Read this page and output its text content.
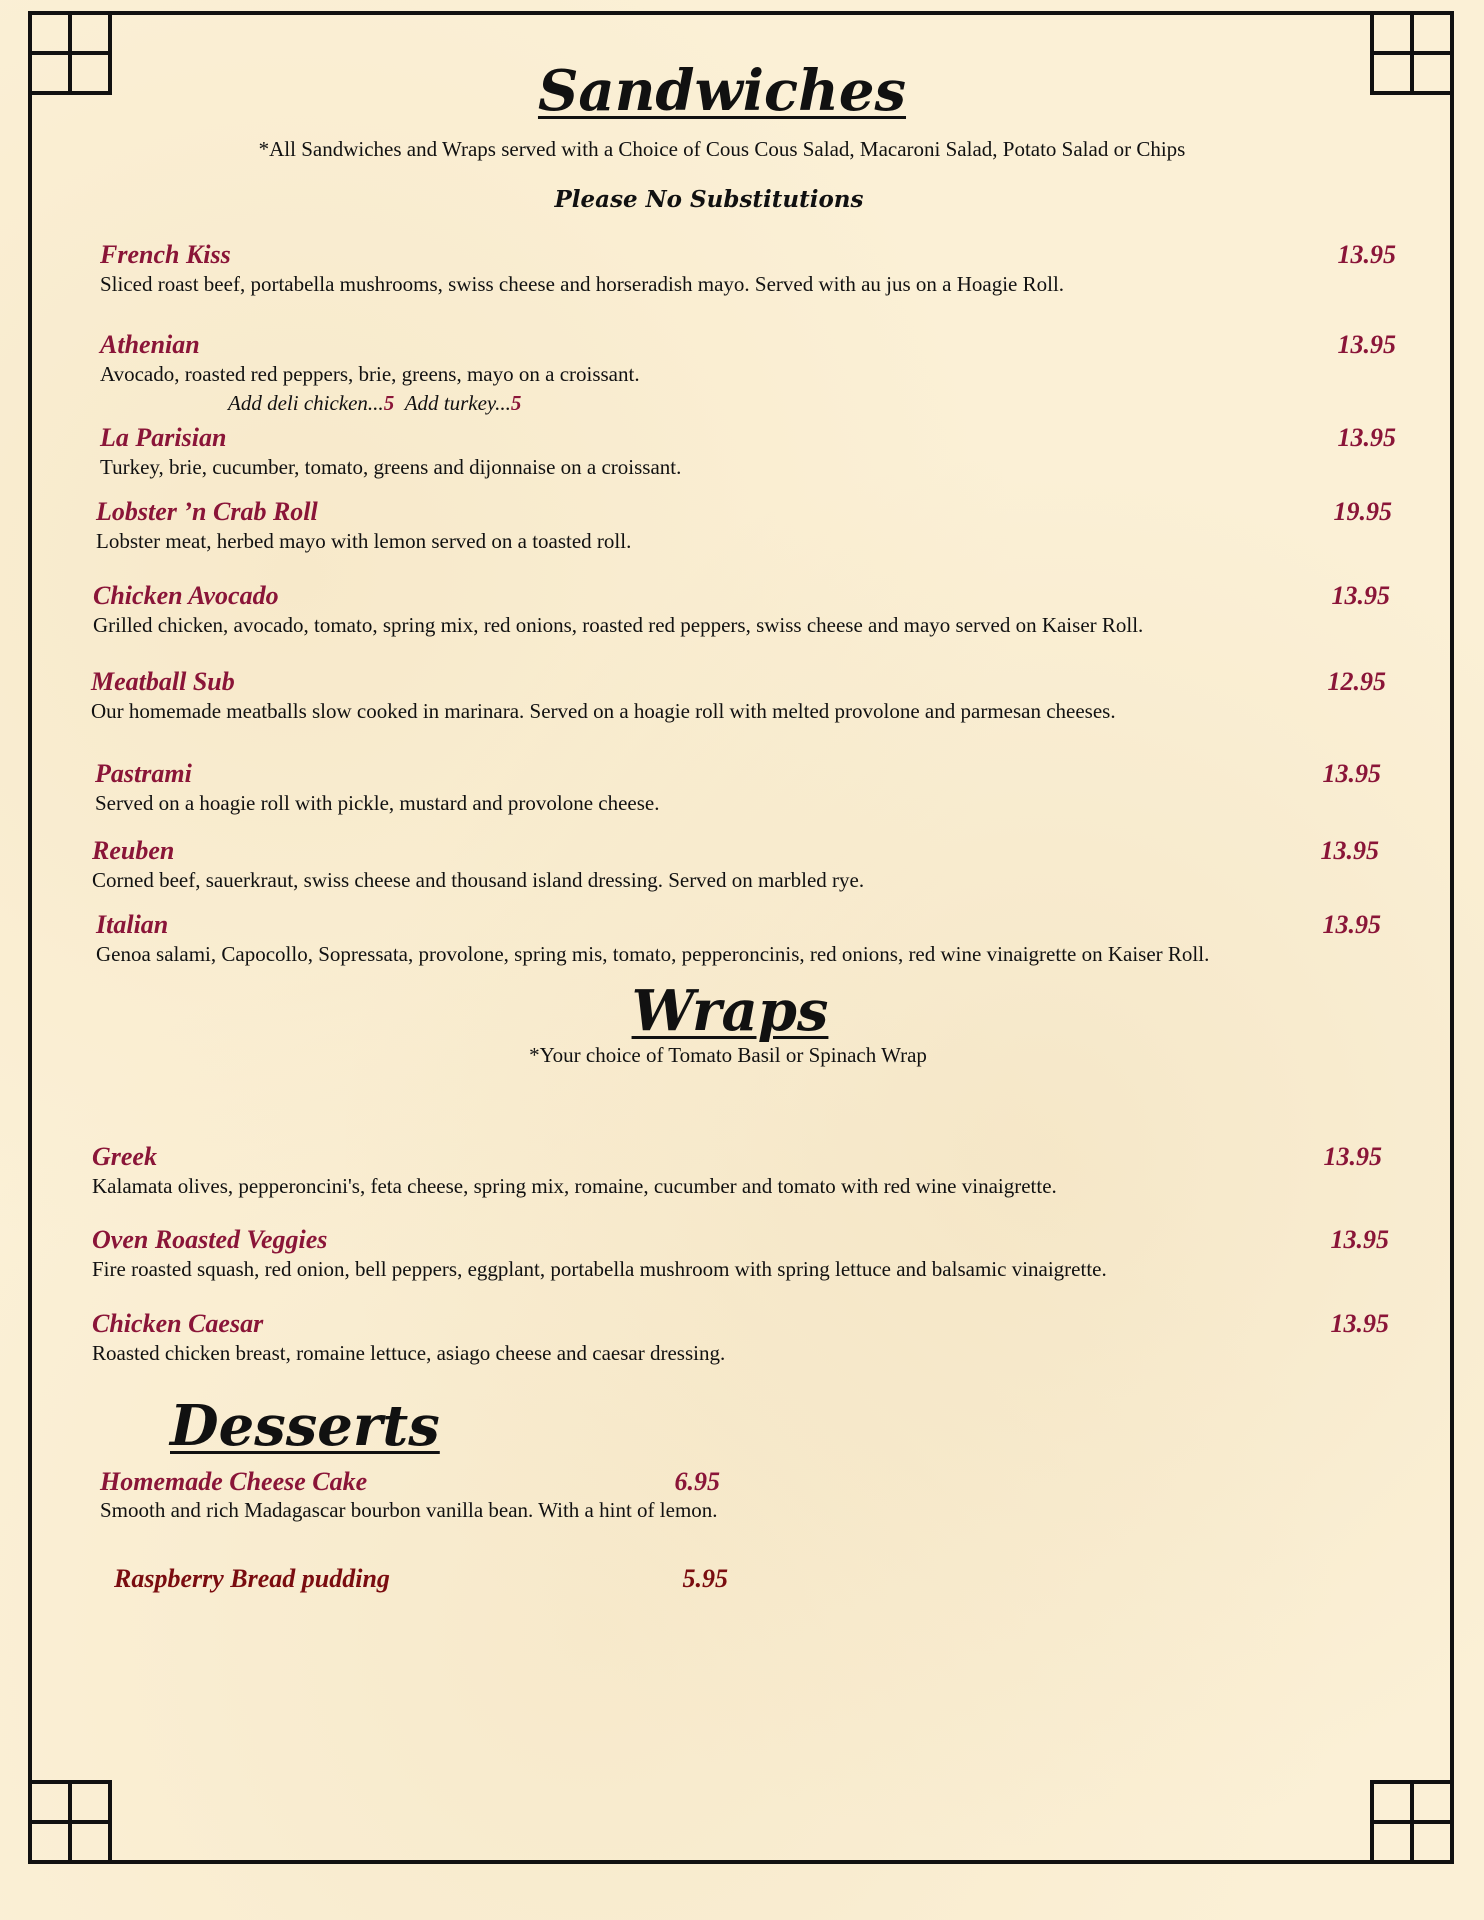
Sandwiches
*All Sandwiches and Wraps served with a Choice of Cous Cous Salad, Macaroni Salad, Potato Salad or Chips
Please No Substitutions
French Kiss	13.95
Sliced roast beef, portabella mushrooms, swiss cheese and horseradish mayo. Served with au jus on a Hoagie Roll.
Athenian	13.95
Avocado, roasted red peppers, brie, greens, mayo on a croissant.
Add deli chicken...5 Add turkey...5
La Parisian	13.95
Turkey, brie, cucumber, tomato, greens and dijonnaise on a croissant.
Lobster ’n Crab Roll	19.95
Lobster meat, herbed mayo with lemon served on a toasted roll.
Chicken Avocado	13.95
Grilled chicken, avocado, tomato, spring mix, red onions, roasted red peppers, swiss cheese and mayo served on Kaiser Roll.
Meatball Sub	12.95
Our homemade meatballs slow cooked in marinara. Served on a hoagie roll with melted provolone and parmesan cheeses.
Pastrami	13.95
Served on a hoagie roll with pickle, mustard and provolone cheese.
Reuben	13.95
Corned beef, sauerkraut, swiss cheese and thousand island dressing. Served on marbled rye.
Italian	13.95
Genoa salami, Capocollo, Sopressata, provolone, spring mis, tomato, pepperoncinis, red onions, red wine vinaigrette on Kaiser Roll.
Wraps
*Your choice of Tomato Basil or Spinach Wrap
Greek	13.95
Kalamata olives, pepperoncini's, feta cheese, spring mix, romaine, cucumber and tomato with red wine vinaigrette.
Oven Roasted Veggies	13.95
Fire roasted squash, red onion, bell peppers, eggplant, portabella mushroom with spring lettuce and balsamic vinaigrette.
Chicken Caesar	13.95
Roasted chicken breast, romaine lettuce, asiago cheese and caesar dressing.
Desserts
Homemade Cheese Cake	6.95
Smooth and rich Madagascar bourbon vanilla bean. With a hint of lemon.
Raspberry Bread pudding	5.95
